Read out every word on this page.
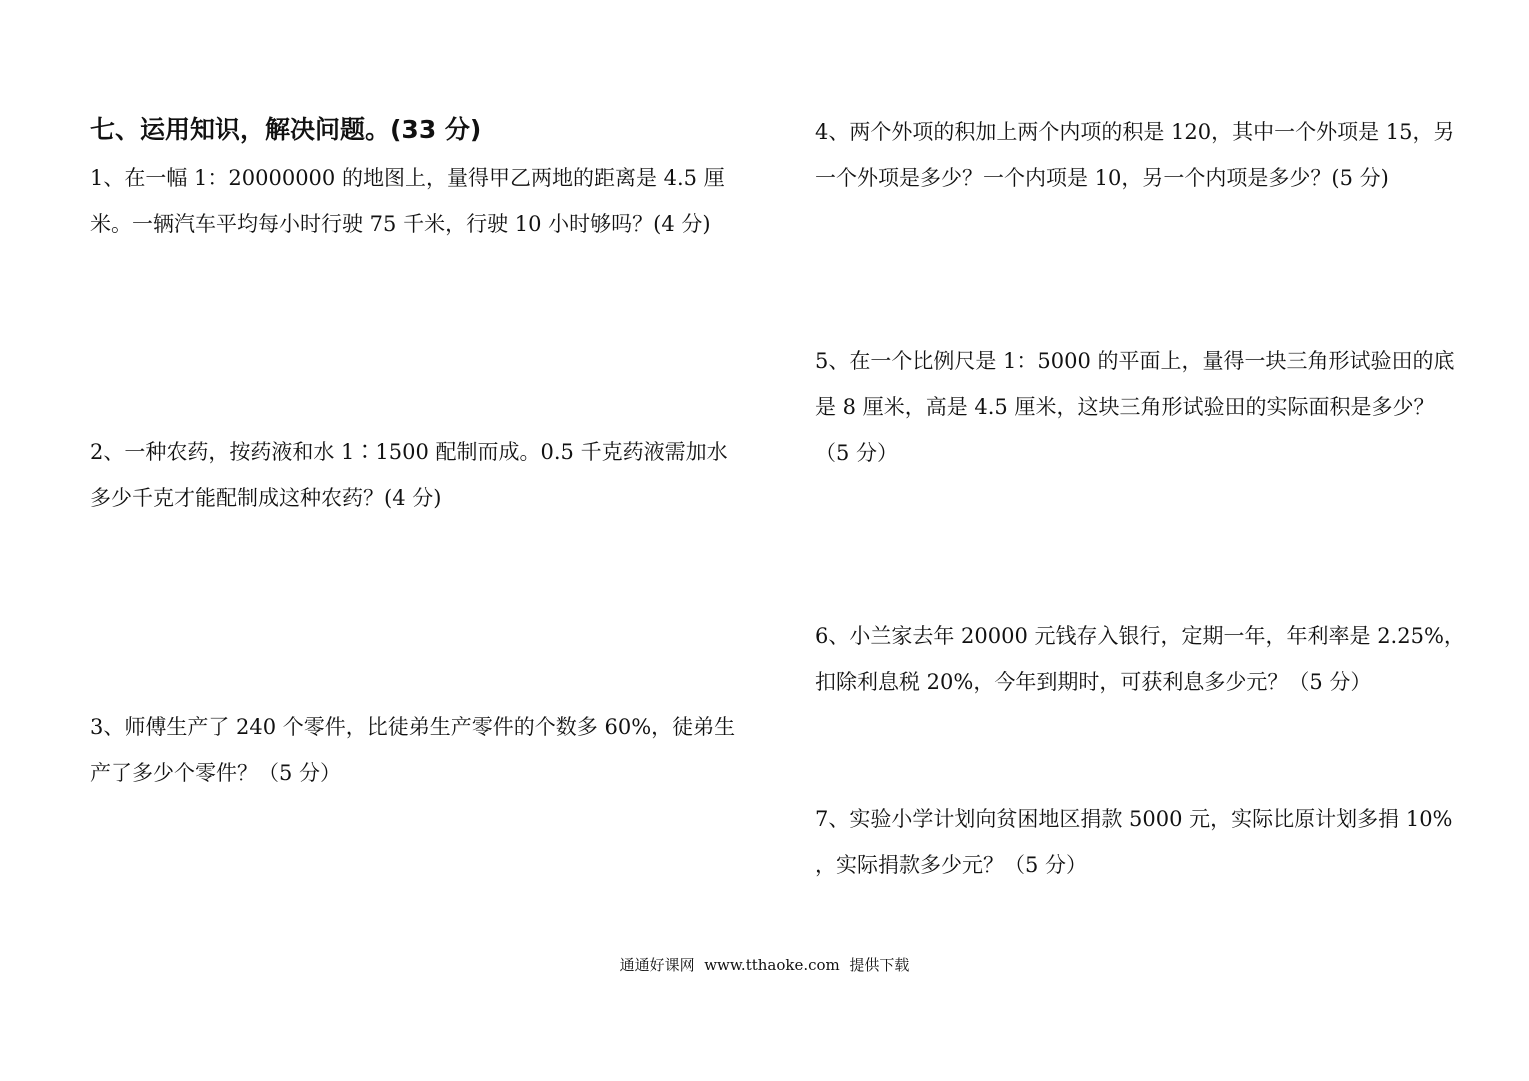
七、运用知识，解决问题。(33 分)

1、在一幅 1：20000000 的地图上，量得甲乙两地的距离是 4.5 厘米。一辆汽车平均每小时行驶 75 千米，行驶 10 小时够吗？(4 分)

2、一种农药，按药液和水 1∶1500 配制而成。0.5 千克药液需加水多少千克才能配制成这种农药？(4 分)

3、师傅生产了 240 个零件，比徒弟生产零件的个数多 60%，徒弟生产了多少个零件？（5 分）

4、两个外项的积加上两个内项的积是 120，其中一个外项是 15，另一个外项是多少？一个内项是 10，另一个内项是多少？(5 分)

5、在一个比例尺是 1：5000 的平面上，量得一块三角形试验田的底是 8 厘米，高是 4.5 厘米，这块三角形试验田的实际面积是多少？（5 分）

6、小兰家去年 20000 元钱存入银行，定期一年，年利率是 2.25%，扣除利息税 20%，今年到期时，可获利息多少元？（5 分）

7、实验小学计划向贫困地区捐款 5000 元，实际比原计划多捐 10% ，实际捐款多少元？（5 分）

通通好课网  www.tthaoke.com  提供下载
